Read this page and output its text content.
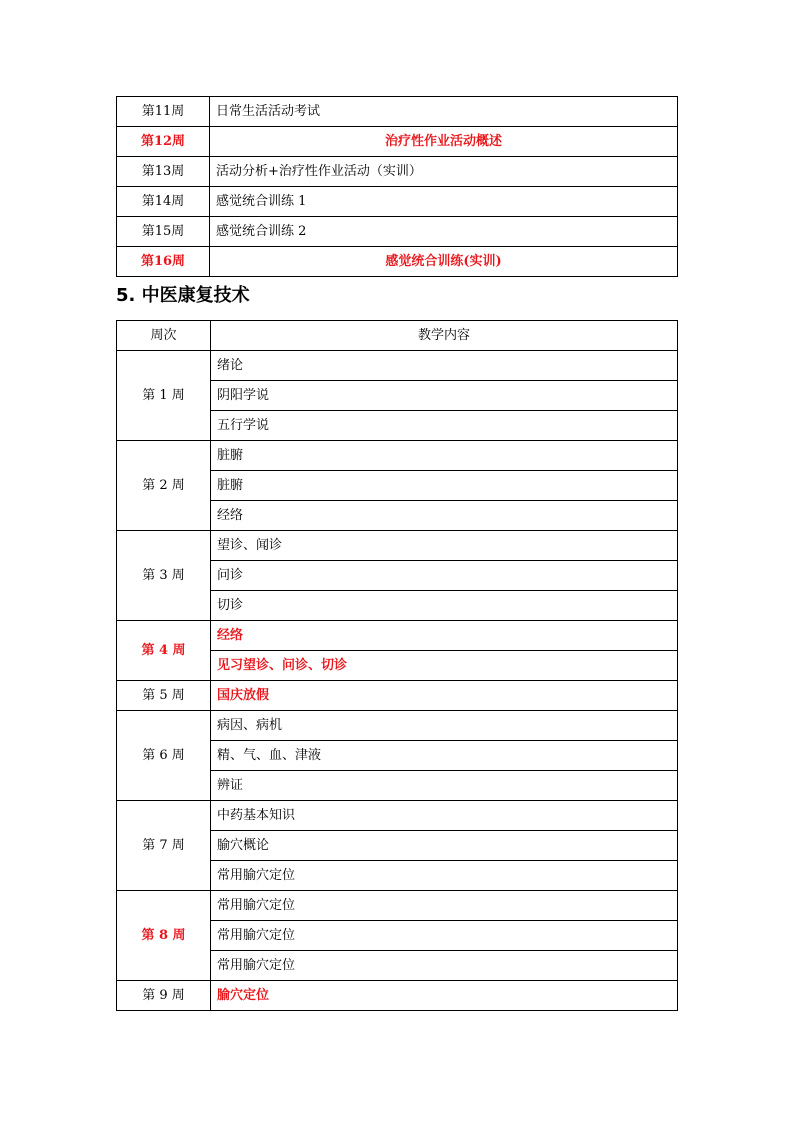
第11周	日常生活活动考试
第12周	治疗性作业活动概述
第13周	活动分析+治疗性作业活动（实训）
第14周	感觉统合训练 1
第15周	感觉统合训练 2
第16周	感觉统合训练(实训)
5. 中医康复技术
周次	教学内容
第 1 周	绪论
	阴阳学说
	五行学说
第 2 周	脏腑
	脏腑
	经络
第 3 周	望诊、闻诊
	问诊
	切诊
第 4 周	经络
	见习望诊、问诊、切诊
第 5 周	国庆放假
第 6 周	病因、病机
	精、气、血、津液
	辨证
第 7 周	中药基本知识
	腧穴概论
	常用腧穴定位
第 8 周	常用腧穴定位
	常用腧穴定位
	常用腧穴定位
第 9 周	腧穴定位
